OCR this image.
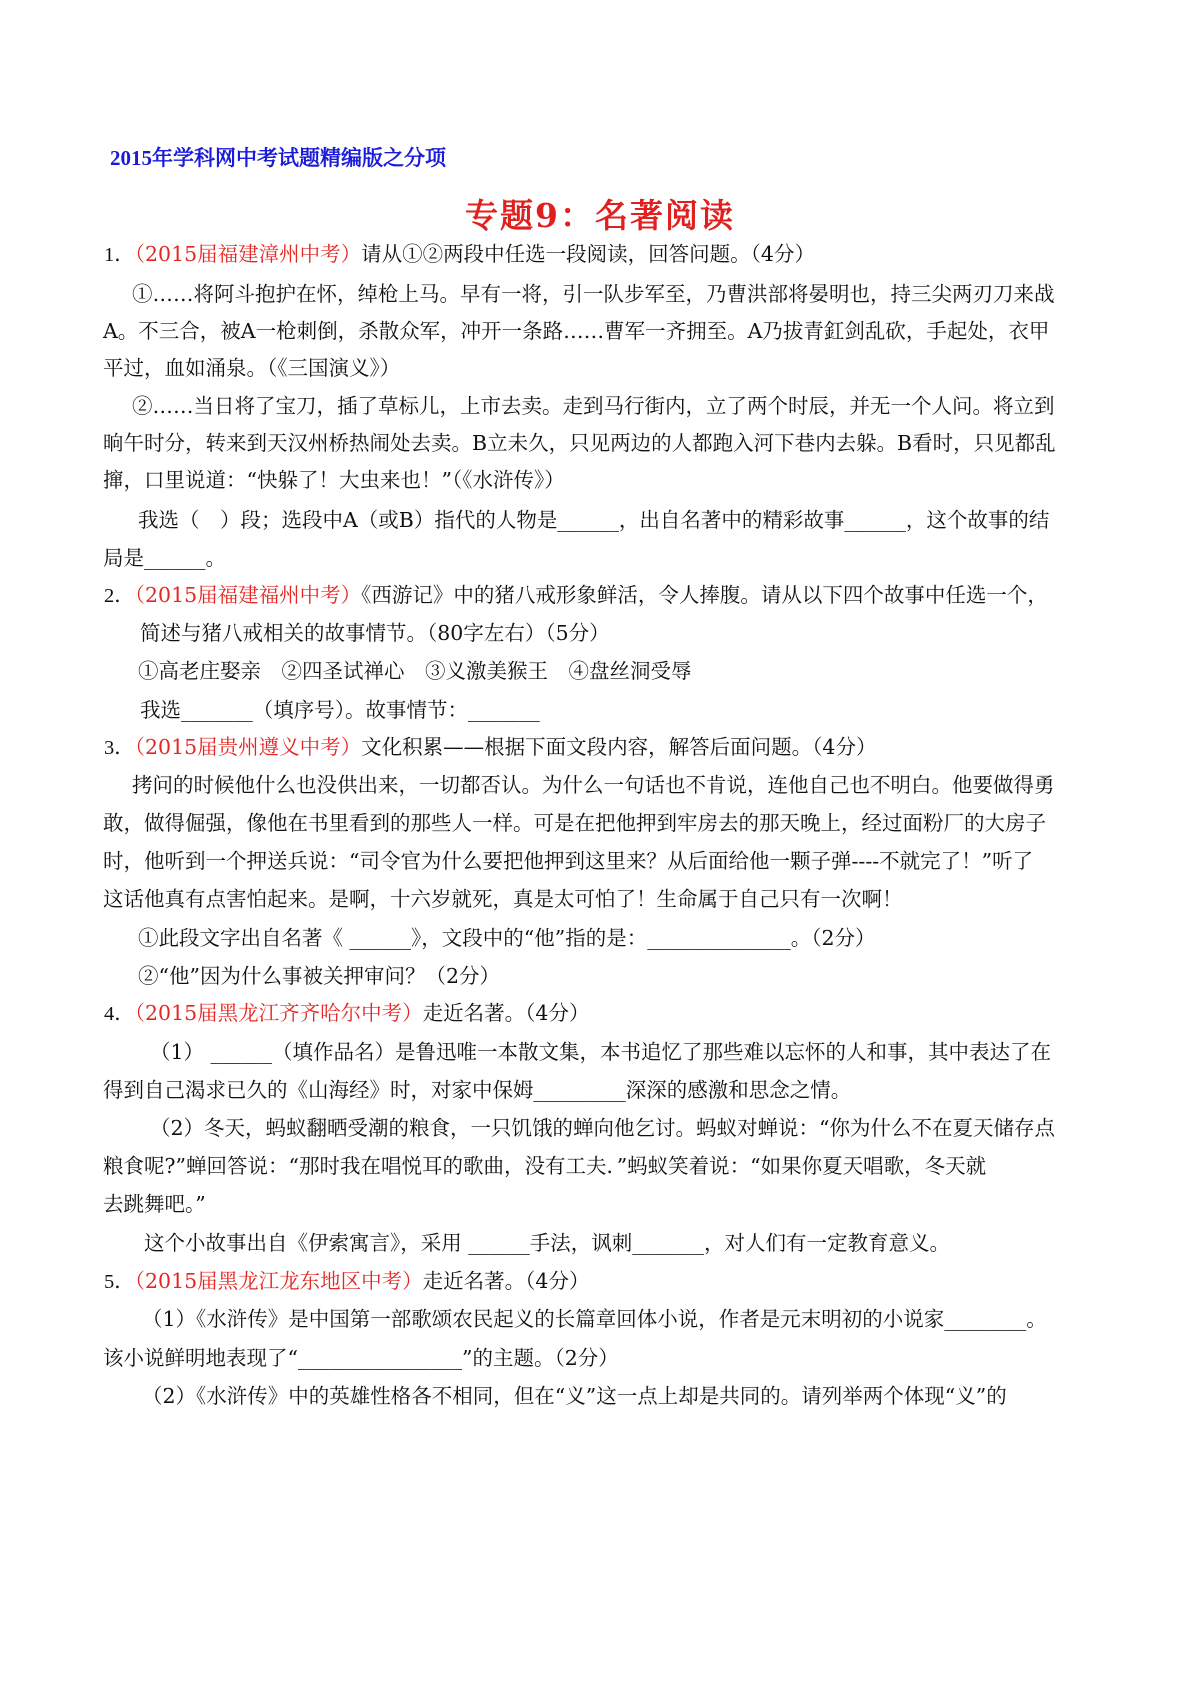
2015年学科网中考试题精编版之分项
专题9：名著阅读
1．（2015届福建漳州中考）请从①②两段中任选一段阅读，回答问题。（4分）
①……将阿斗抱护在怀，绰枪上马。早有一将，引一队步军至，乃曹洪部将晏明也，持三尖两刃刀来战
A。不三合，被A一枪刺倒，杀散众军，冲开一条路……曹军一齐拥至。A乃拔青釭剑乱砍，手起处，衣甲
平过，血如涌泉。（《三国演义》）
②……当日将了宝刀，插了草标儿，上市去卖。走到马行街内，立了两个时辰，并无一个人问。将立到
晌午时分，转来到天汉州桥热闹处去卖。B立未久，只见两边的人都跑入河下巷内去躲。B看时，只见都乱
撺，口里说道：“快躲了！大虫来也！”（《水浒传》）
我选（　）段；选段中A（或B）指代的人物是______，出自名著中的精彩故事______，这个故事的结
局是______。
2．（2015届福建福州中考）《西游记》中的猪八戒形象鲜活，令人捧腹。请从以下四个故事中任选一个，
简述与猪八戒相关的故事情节。（80字左右）（5分）
①高老庄娶亲　②四圣试禅心　③义激美猴王　④盘丝洞受辱
我选_______（填序号）。故事情节：_______
3．（2015届贵州遵义中考）文化积累——根据下面文段内容，解答后面问题。（4分）
拷问的时候他什么也没供出来，一切都否认。为什么一句话也不肯说，连他自己也不明白。他要做得勇
敢，做得倔强，像他在书里看到的那些人一样。可是在把他押到牢房去的那天晚上，经过面粉厂的大房子
时，他听到一个押送兵说：“司令官为什么要把他押到这里来？从后面给他一颗子弹----不就完了！”听了
这话他真有点害怕起来。是啊，十六岁就死，真是太可怕了！生命属于自己只有一次啊！
①此段文字出自名著《 ______》，文段中的“他”指的是：______________。（2分）
②“他”因为什么事被关押审问？（2分）
4．（2015届黑龙江齐齐哈尔中考）走近名著。（4分）
（1） ______（填作品名）是鲁迅唯一本散文集，本书追忆了那些难以忘怀的人和事，其中表达了在
得到自己渴求已久的《山海经》时，对家中保姆_________深深的感激和思念之情。
（2）冬天，蚂蚁翻晒受潮的粮食，一只饥饿的蝉向他乞讨。蚂蚁对蝉说：“你为什么不在夏天储存点
粮食呢?”蝉回答说：“那时我在唱悦耳的歌曲，没有工夫．”蚂蚁笑着说：“如果你夏天唱歌，冬天就
去跳舞吧。”
这个小故事出自《伊索寓言》，采用 ______手法，讽刺_______，对人们有一定教育意义。
5．（2015届黑龙江龙东地区中考）走近名著。（4分）
（1）《水浒传》是中国第一部歌颂农民起义的长篇章回体小说，作者是元末明初的小说家________。
该小说鲜明地表现了“________________”的主题。（2分）
（2）《水浒传》中的英雄性格各不相同，但在“义”这一点上却是共同的。请列举两个体现“义”的
